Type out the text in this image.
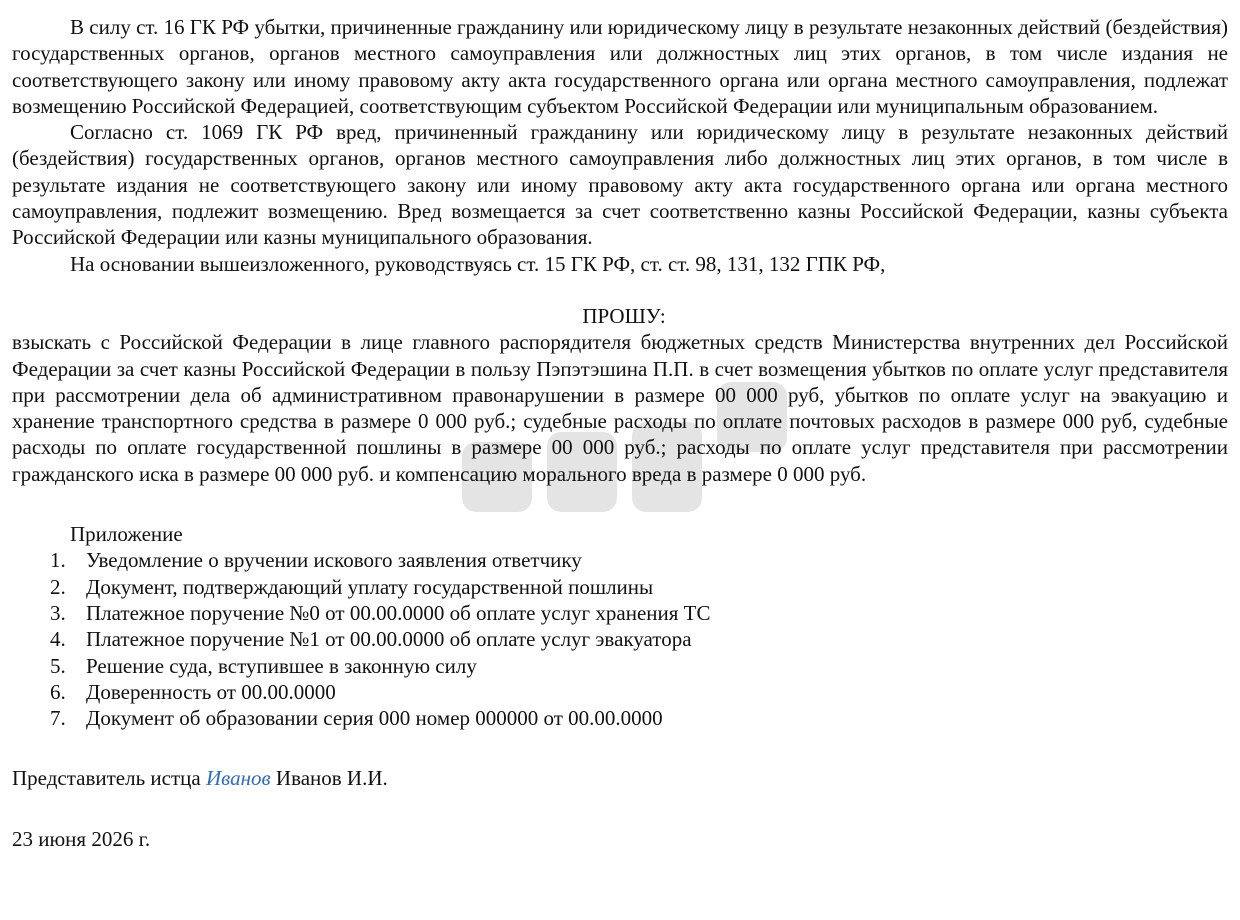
В силу ст. 16 ГК РФ убытки, причиненные гражданину или юридическому лицу в результате незаконных действий (бездействия) государственных органов, органов местного самоуправления или должностных лиц этих органов, в том числе издания не соответствующего закону или иному правовому акту акта государственного органа или органа местного самоуправления, подлежат возмещению Российской Федерацией, соответствующим субъектом Российской Федерации или муниципальным образованием.

Согласно ст. 1069 ГК РФ вред, причиненный гражданину или юридическому лицу в результате незаконных действий (бездействия) государственных органов, органов местного самоуправления либо должностных лиц этих органов, в том числе в результате издания не соответствующего закону или иному правовому акту акта государственного органа или органа местного самоуправления, подлежит возмещению. Вред возмещается за счет соответственно казны Российской Федерации, казны субъекта Российской Федерации или казны муниципального образования.

На основании вышеизложенного, руководствуясь ст. 15 ГК РФ, ст. ст. 98, 131, 132 ГПК РФ,

ПРОШУ:

взыскать с Российской Федерации в лице главного распорядителя бюджетных средств Министерства внутренних дел Российской Федерации за счет казны Российской Федерации в пользу Пэпэтэшина П.П. в счет возмещения убытков по оплате услуг представителя при рассмотрении дела об административном правонарушении в размере 00 000 руб, убытков по оплате услуг на эвакуацию и хранение транспортного средства в размере 0 000 руб.; судебные расходы по оплате почтовых расходов в размере 000 руб, судебные расходы по оплате государственной пошлины в размере 00 000 руб.; расходы по оплате услуг представителя при рассмотрении гражданского иска в размере 00 000 руб. и компенсацию морального вреда в размере 0 000 руб.

Приложение

1. Уведомление о вручении искового заявления ответчику
2. Документ, подтверждающий уплату государственной пошлины
3. Платежное поручение №0 от 00.00.0000 об оплате услуг хранения ТС
4. Платежное поручение №1 от 00.00.0000 об оплате услуг эвакуатора
5. Решение суда, вступившее в законную силу
6. Доверенность от 00.00.0000
7. Документ об образовании серия 000 номер 000000 от 00.00.0000

Представитель истца Иванов Иванов И.И.

23 июня 2026 г.
